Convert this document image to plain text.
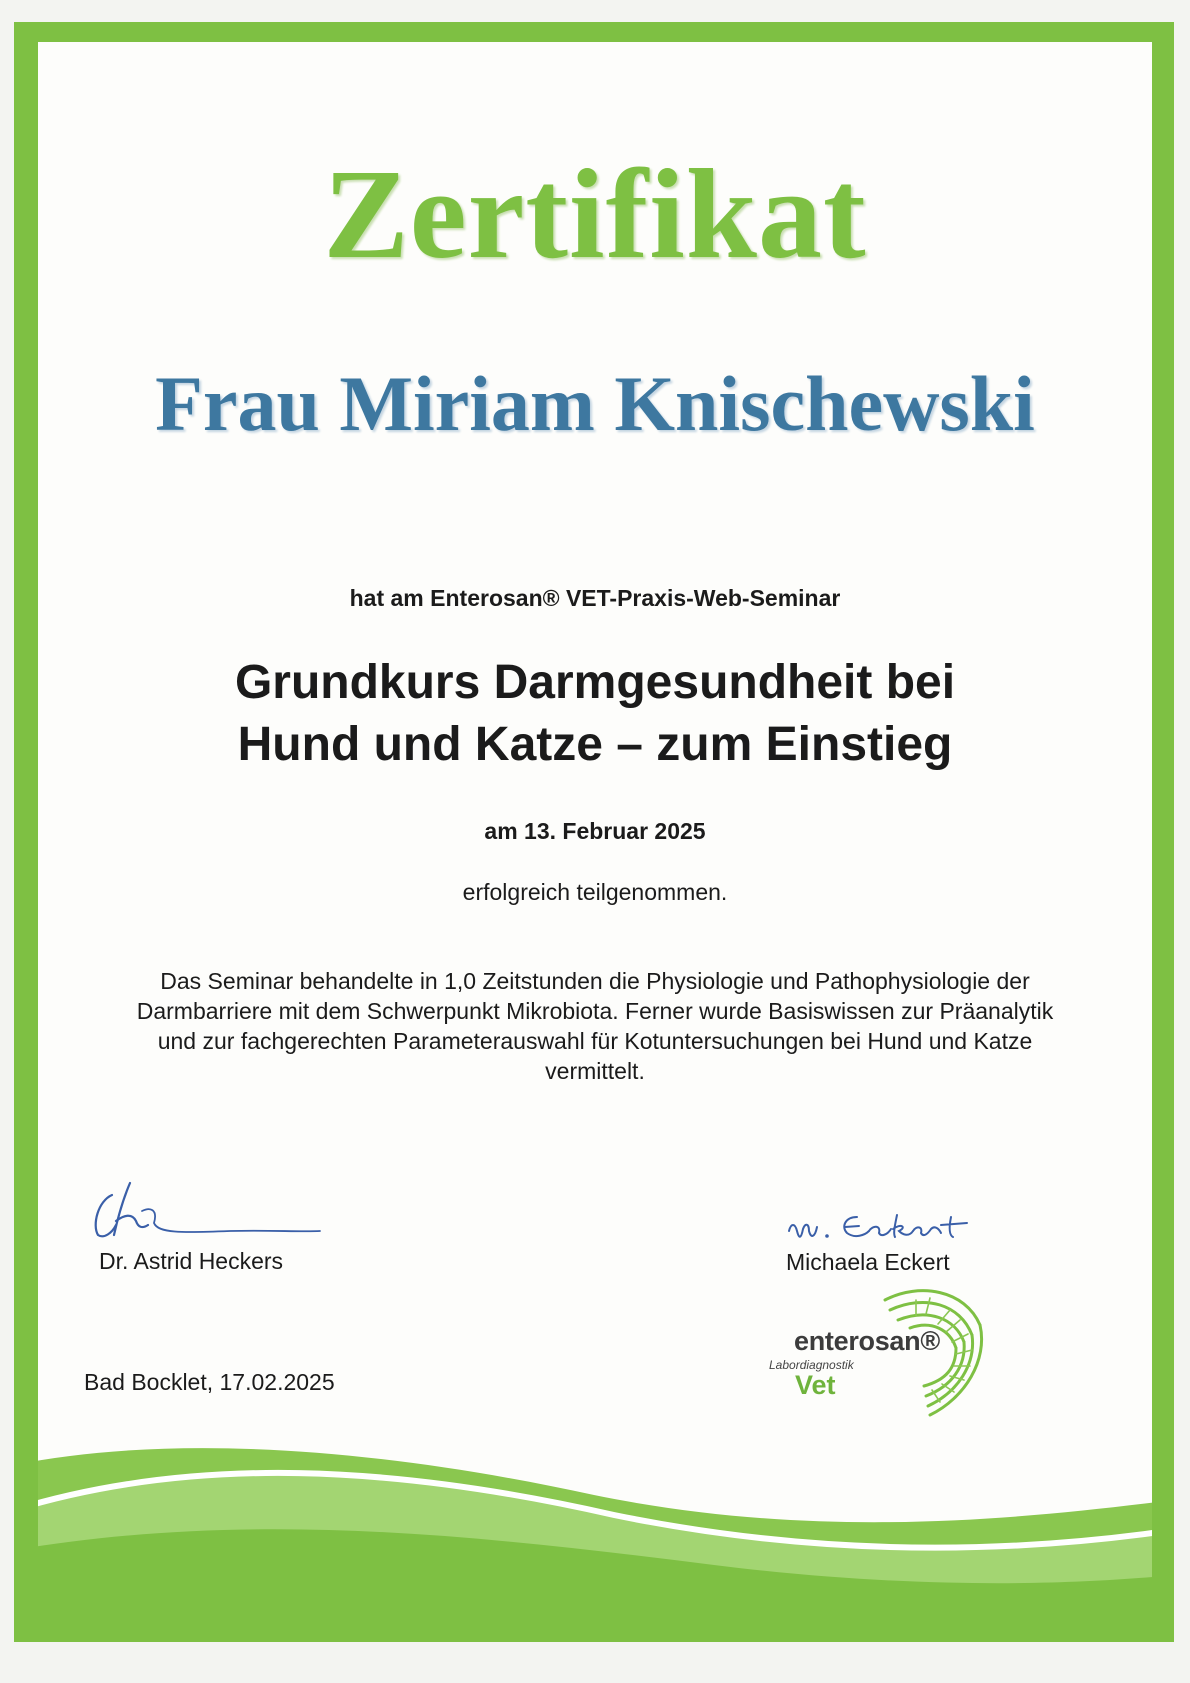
Zertifikat
Frau Miriam Knischewski
hat am Enterosan® VET-Praxis-Web-Seminar
Grundkurs Darmgesundheit bei
Hund und Katze – zum Einstieg
am 13. Februar 2025
erfolgreich teilgenommen.
Das Seminar behandelte in 1,0 Zeitstunden die Physiologie und Pathophysiologie der
Darmbarriere mit dem Schwerpunkt Mikrobiota. Ferner wurde Basiswissen zur Präanalytik
und zur fachgerechten Parameterauswahl für Kotuntersuchungen bei Hund und Katze
vermittelt.
Dr. Astrid Heckers	Michaela Eckert
Bad Bocklet, 17.02.2025
enterosan®
Labordiagnostik
Vet
